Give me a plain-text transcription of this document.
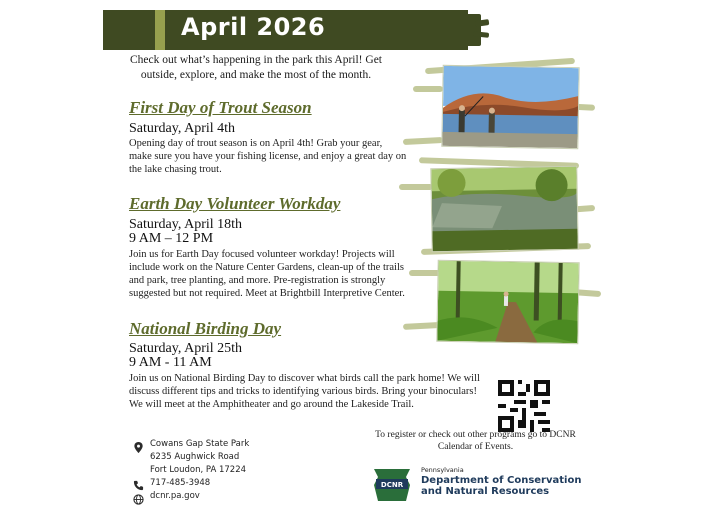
April 2026
Check out what’s happening in the park this April! Get outside, explore, and make the most of the month.
First Day of Trout Season
Saturday, April 4th
Opening day of trout season is on April 4th! Grab your gear, make sure you have your fishing license, and enjoy a great day on the lake chasing trout.
Earth Day Volunteer Workday
Saturday, April 18th
9 AM – 12 PM
Join us for Earth Day focused volunteer workday! Projects will include work on the Nature Center Gardens, clean-up of the trails and park, tree planting, and more. Pre-registration is strongly suggested but not required. Meet at Brightbill Interpretive Center.
National Birding Day
Saturday, April 25th
9 AM - 11 AM
Join us on National Birding Day to discover what birds call the park home! We will discuss different tips and tricks to identifying various birds. Bring your binoculars! We will meet at the Amphitheater and go around the Lakeside Trail.
To register or check out other programs go to DCNR Calendar of Events.
Cowans Gap State Park
6235 Aughwick Road
Fort Loudon, PA 17224
717-485-3948
dcnr.pa.gov
DCNR
Pennsylvania
Department of Conservation
and Natural Resources
